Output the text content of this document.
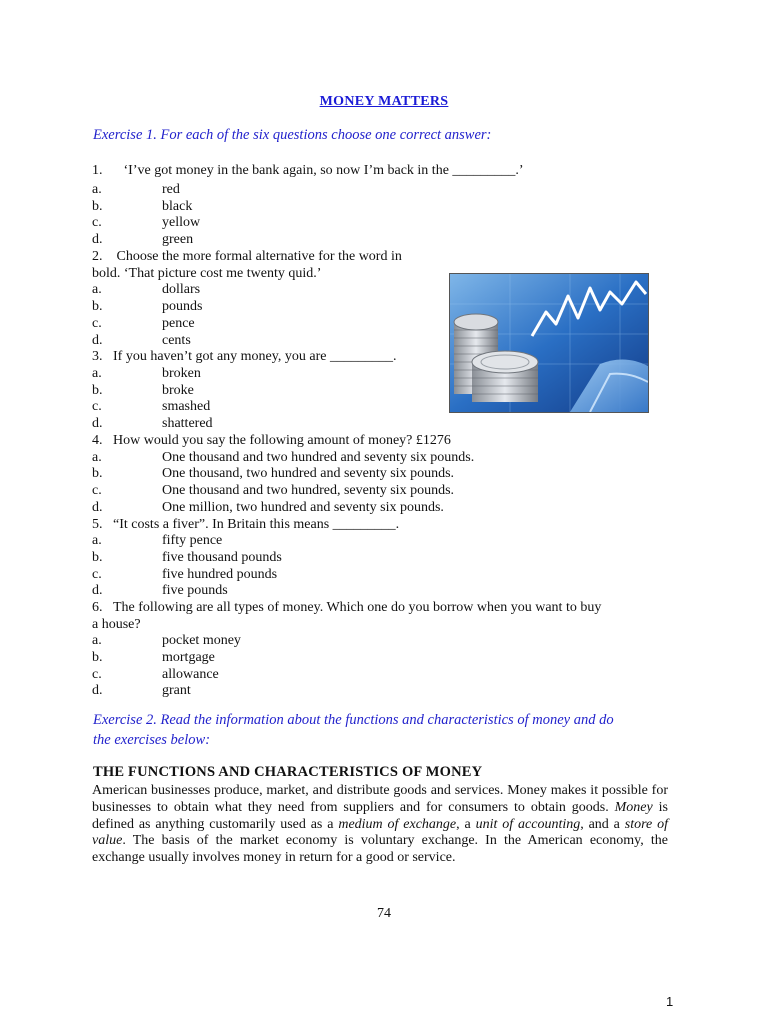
MONEY MATTERS
Exercise 1. For each of the six questions choose one correct answer:
1. ‘I’ve got money in the bank again, so now I’m back in the _________.’
a.	red
b.	black
c.	yellow
d.	green
2. Choose the more formal alternative for the word in
bold. ‘That picture cost me twenty quid.’
a.	dollars
b.	pounds
c.	pence
d.	cents
3. If you haven’t got any money, you are _________.
a.	broken
b.	broke
c.	smashed
d.	shattered
4. How would you say the following amount of money? £1276
a.	One thousand and two hundred and seventy six pounds.
b.	One thousand, two hundred and seventy six pounds.
c.	One thousand and two hundred, seventy six pounds.
d.	One million, two hundred and seventy six pounds.
5. “It costs a fiver”. In Britain this means _________.
a.	fifty pence
b.	five thousand pounds
c.	five hundred pounds
d.	five pounds
6. The following are all types of money. Which one do you borrow when you want to buy
a house?
a.	pocket money
b.	mortgage
c.	allowance
d.	grant
Exercise 2. Read the information about the functions and characteristics of money and do
the exercises below:
THE FUNCTIONS AND CHARACTERISTICS OF MONEY
American businesses produce, market, and distribute goods and services. Money makes it possible for businesses to obtain what they need from suppliers and for consumers to obtain goods. Money is defined as anything customarily used as a medium of exchange, a unit of accounting, and a store of value. The basis of the market economy is voluntary exchange. In the American economy, the exchange usually involves money in return for a good or service.
74
1
